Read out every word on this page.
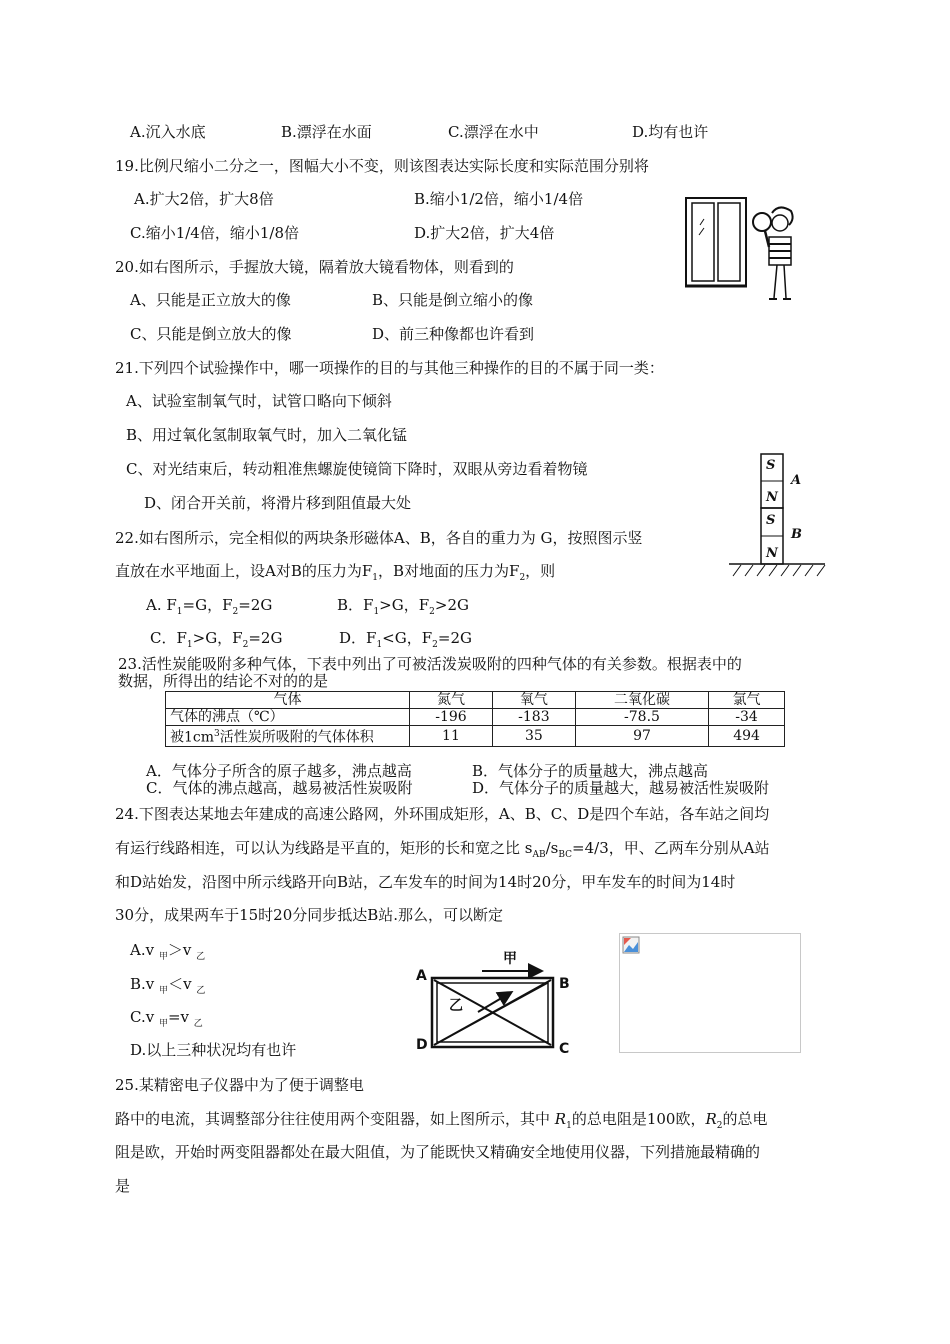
A.沉入水底	B.漂浮在水面	C.漂浮在水中	D.均有也许
19.比例尺缩小二分之一，图幅大小不变，则该图表达实际长度和实际范围分别将
A.扩大2倍，扩大8倍	B.缩小1/2倍，缩小1/4倍
C.缩小1/4倍，缩小1/8倍	D.扩大2倍，扩大4倍
20.如右图所示，手握放大镜，隔着放大镜看物体，则看到的
A、只能是正立放大的像	B、只能是倒立缩小的像
C、只能是倒立放大的像	D、前三种像都也许看到
21.下列四个试验操作中，哪一项操作的目的与其他三种操作的目的不属于同一类：
A、试验室制氧气时，试管口略向下倾斜
B、用过氧化氢制取氧气时，加入二氧化锰
C、对光结束后，转动粗准焦螺旋使镜筒下降时，双眼从旁边看着物镜
D、闭合开关前，将滑片移到阻值最大处
S
N
S
N
A
B
22.如右图所示，完全相似的两块条形磁体A、B，各自的重力为 G，按照图示竖
直放在水平地面上，设A对B的压力为$F_1$，B对地面的压力为$F_2$，则
A. $F_1=G$，$F_2=2G$	B．$F_1>G$，$F_2>2G$
C．$F_1>G$，$F_2=2G$	D．$F_1<G$，$F_2=2G$
23.活性炭能吸附多种气体，下表中列出了可被活泼炭吸附的四种气体的有关参数。根据表中的
数据，所得出的结论不对的的是
气体	氮气	氧气	二氧化碳	氯气
气体的沸点（℃）	-196	-183	-78.5	-34
被$1cm^3$活性炭所吸附的气体体积	11	35	97	494
A．气体分子所含的原子越多，沸点越高	B．气体分子的质量越大，沸点越高
C．气体的沸点越高，越易被活性炭吸附	D．气体分子的质量越大，越易被活性炭吸附
24.下图表达某地去年建成的高速公路网，外环围成矩形，A、B、C、D是四个车站，各车站之间均
有运行线路相连，可以认为线路是平直的，矩形的长和宽之比 $s_{AB}/s_{BC}=4/3$，甲、乙两车分别从A站
和D站始发，沿图中所示线路开向B站，乙车发车的时间为14时20分，甲车发车的时间为14时
30分，成果两车于15时20分同步抵达B站.那么，可以断定
A.v $_甲$＞v $_乙$
B.v $_甲$＜v $_乙$
C.v $_甲$=v $_乙$
D.以上三种状况均有也许
A	B
C
D
甲
乙
25.某精密电子仪器中为了便于调整电
路中的电流，其调整部分往往使用两个变阻器，如上图所示，其中 $R_1$的总电阻是100欧，$R_2$的总电
阻是欧，开始时两变阻器都处在最大阻值，为了能既快又精确安全地使用仪器，下列措施最精确的
是
